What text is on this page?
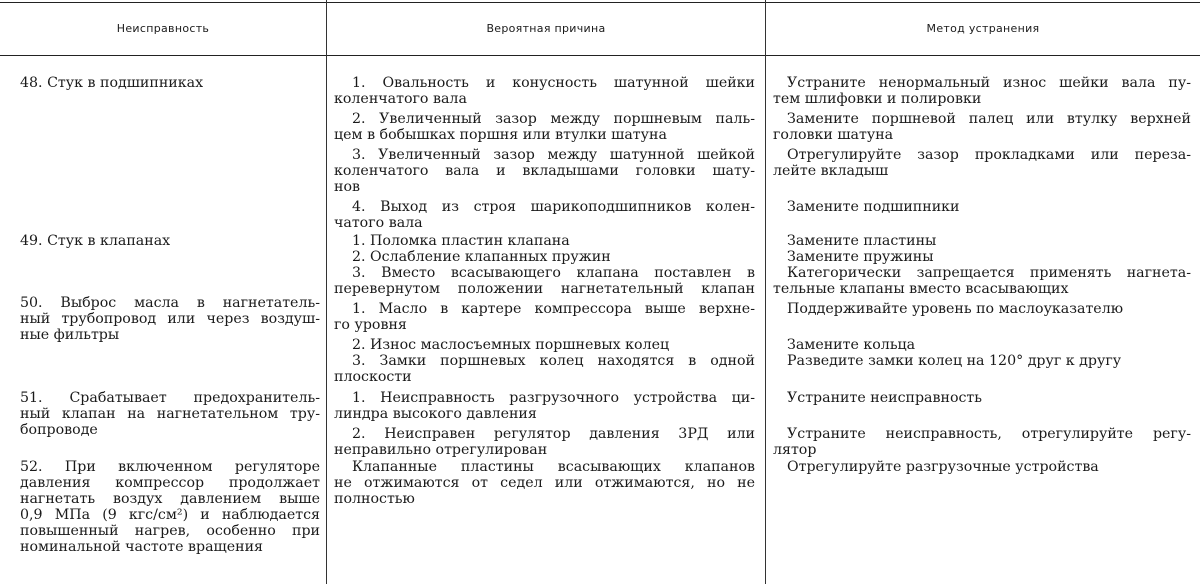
Неисправность	Вероятная причина	Метод устранения

48. Стук в подшипниках

49. Стук в клапанах

50. Выброс масла в нагнетатель-

ный трубопровод или через воздуш-

ные фильтры

51. Срабатывает предохранитель-

ный клапан на нагнетательном тру-

бопроводе

52. При включенном регуляторе

давления компрессор продолжает

нагнетать воздух давлением выше

0,9 МПа (9 кгс/см²) и наблюдается

повышенный нагрев, особенно при

номинальной частоте вращения

1. Овальность и конусность шатунной шейки

коленчатого вала

2. Увеличенный зазор между поршневым паль-

цем в бобышках поршня или втулки шатуна

3. Увеличенный зазор между шатунной шейкой

коленчатого вала и вкладышами головки шату-

нов

4. Выход из строя шарикоподшипников колен-

чатого вала

1. Поломка пластин клапана

2. Ослабление клапанных пружин

3. Вместо всасывающего клапана поставлен в

перевернутом положении нагнетательный клапан

1. Масло в картере компрессора выше верхне-

го уровня

2. Износ маслосъемных поршневых колец

3. Замки поршневых колец находятся в одной

плоскости

1. Неисправность разгрузочного устройства ци-

линдра высокого давления

2. Неисправен регулятор давления 3РД или

неправильно отрегулирован

Клапанные пластины всасывающих клапанов

не отжимаются от седел или отжимаются, но не

полностью

Устраните ненормальный износ шейки вала пу-

тем шлифовки и полировки

Замените поршневой палец или втулку верхней

головки шатуна

Отрегулируйте зазор прокладками или переза-

лейте вкладыш

Замените подшипники

Замените пластины

Замените пружины

Категорически запрещается применять нагнета-

тельные клапаны вместо всасывающих

Поддерживайте уровень по маслоуказателю

Замените кольца

Разведите замки колец на 120° друг к другу

Устраните неисправность

Устраните неисправность, отрегулируйте регу-

лятор

Отрегулируйте разгрузочные устройства
